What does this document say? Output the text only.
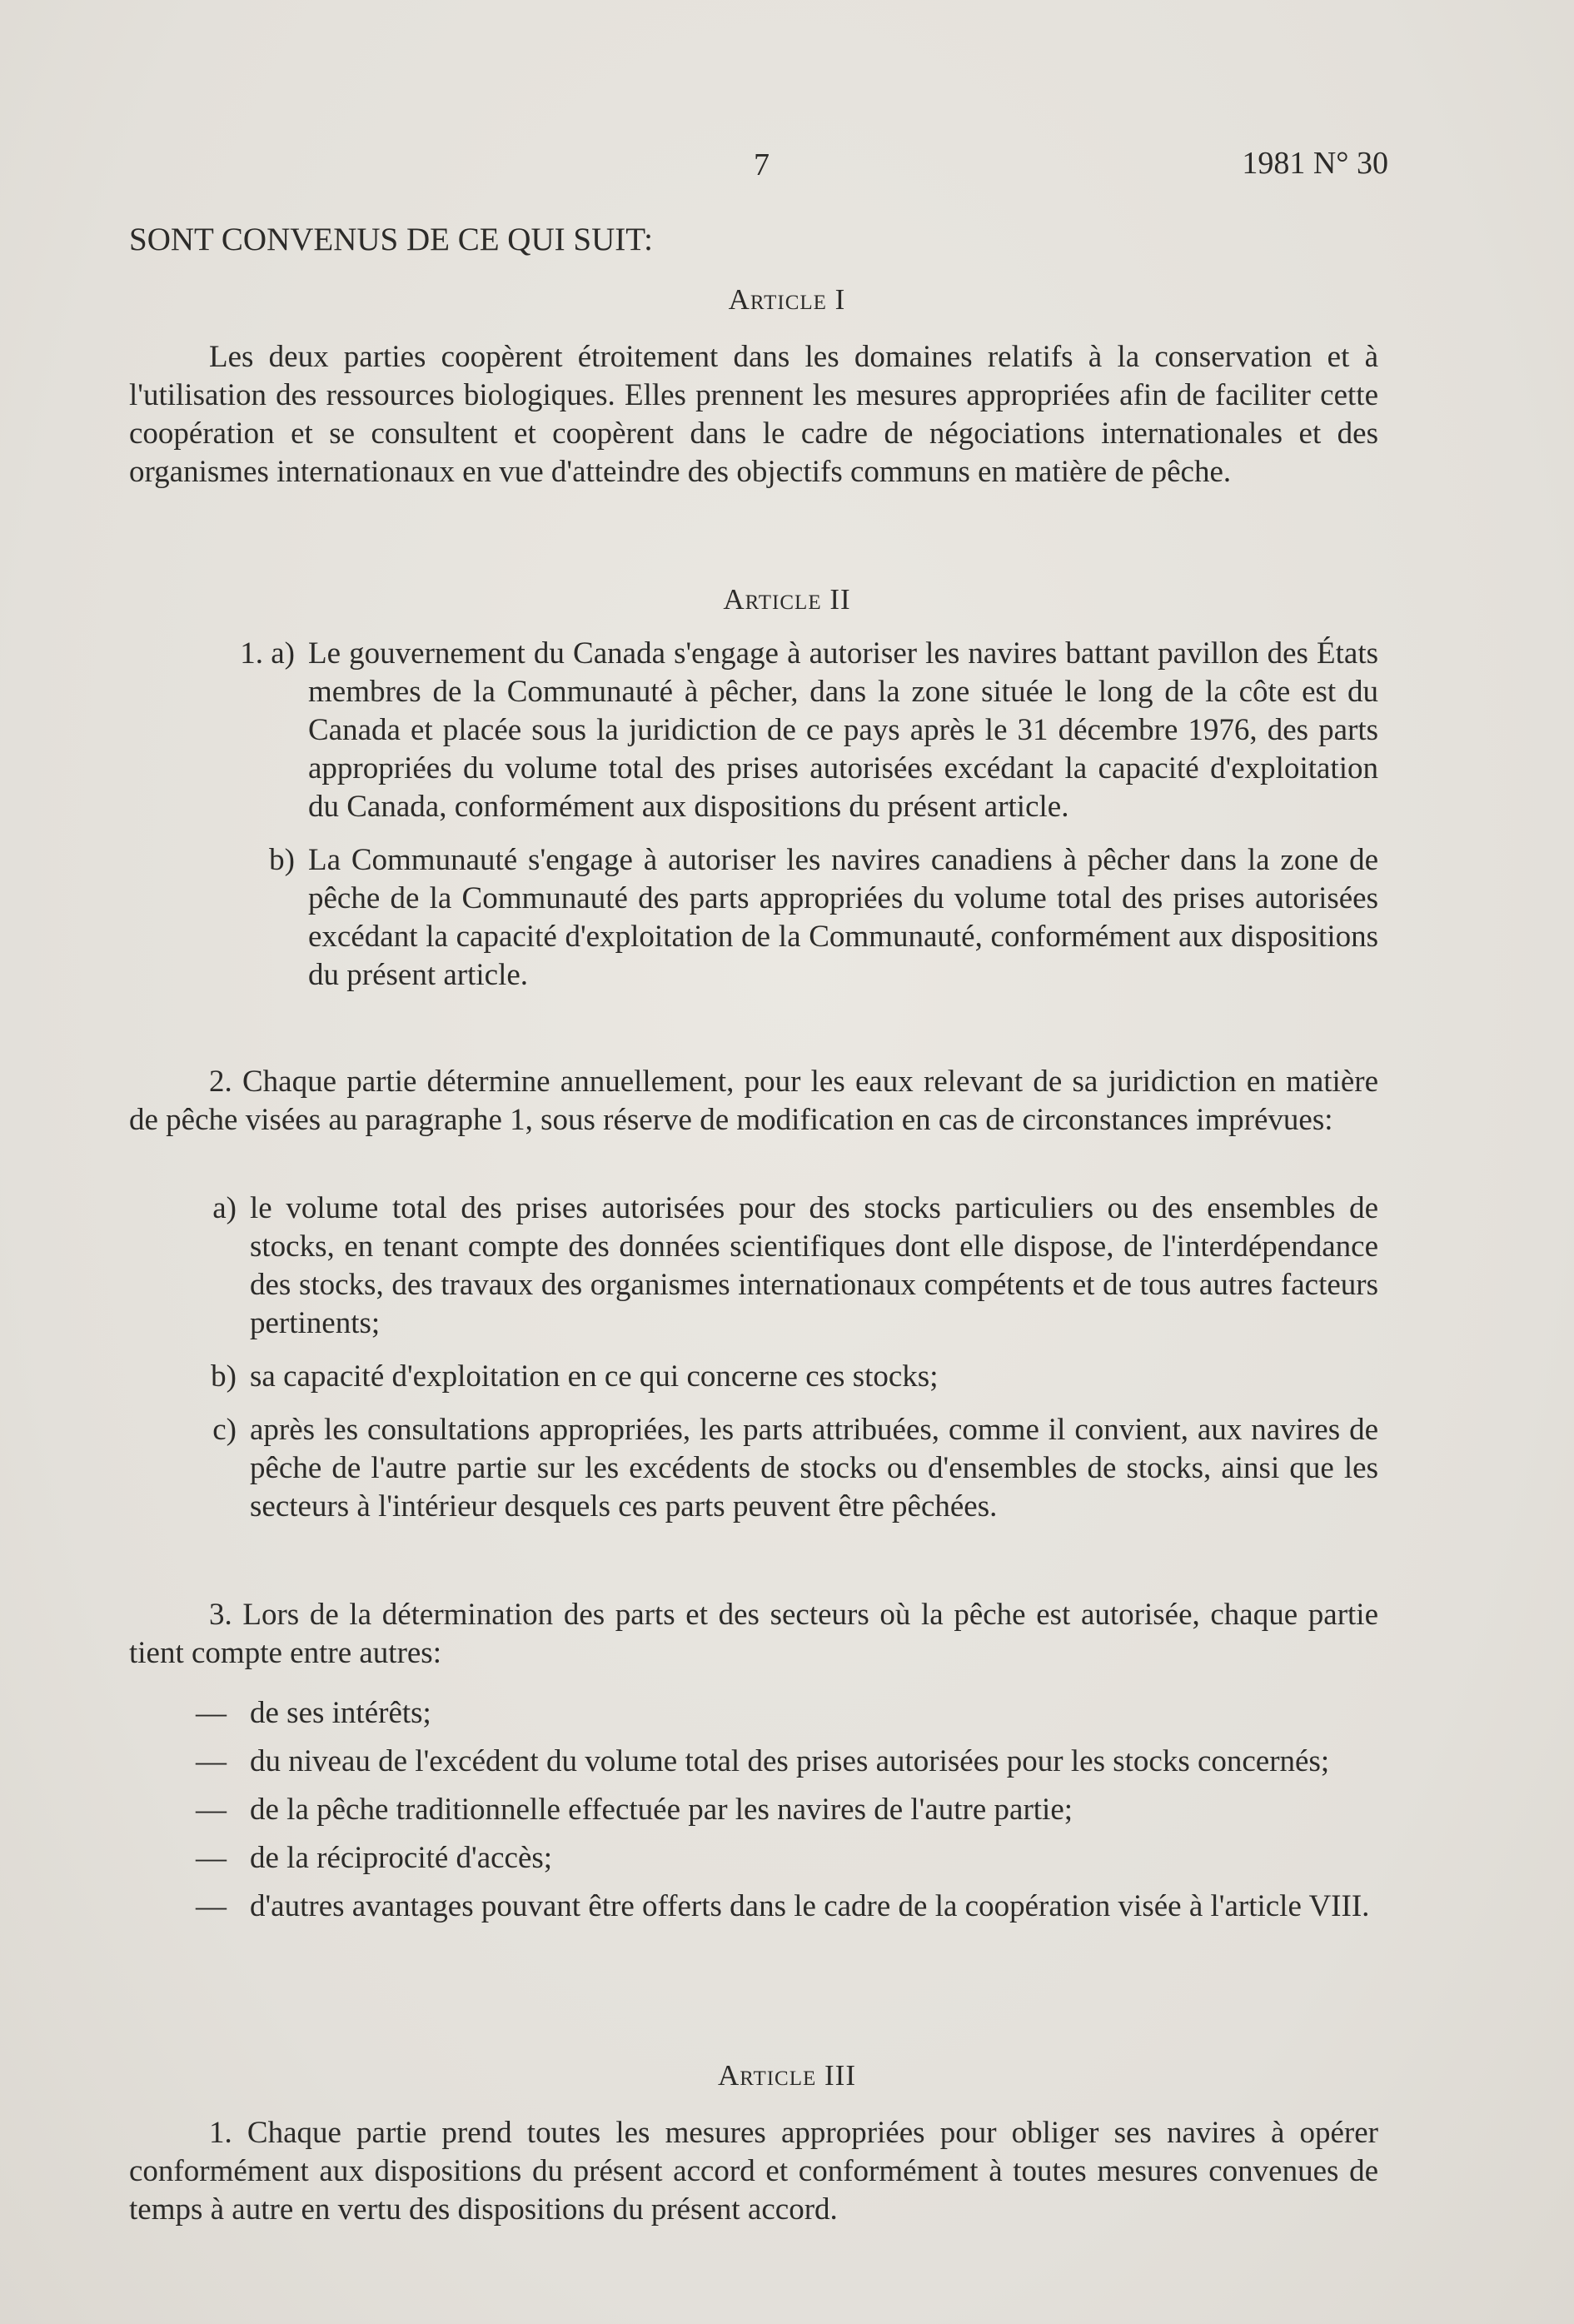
7	1981 N° 30
SONT CONVENUS DE CE QUI SUIT:
Article I
Les deux parties coopèrent étroitement dans les domaines relatifs à la conservation et à l'utilisation des ressources biologiques. Elles prennent les mesures appropriées afin de faciliter cette coopération et se consultent et coopèrent dans le cadre de négociations internationales et des organismes internationaux en vue d'atteindre des objectifs communs en matière de pêche.
Article II
1. a) Le gouvernement du Canada s'engage à autoriser les navires battant pavillon des États membres de la Communauté à pêcher, dans la zone située le long de la côte est du Canada et placée sous la juridiction de ce pays après le 31 décembre 1976, des parts appropriées du volume total des prises autorisées excédant la capacité d'exploitation du Canada, conformément aux dispositions du présent article.
b) La Communauté s'engage à autoriser les navires canadiens à pêcher dans la zone de pêche de la Communauté des parts appropriées du volume total des prises autorisées excédant la capacité d'exploitation de la Communauté, conformément aux dispositions du présent article.
2. Chaque partie détermine annuellement, pour les eaux relevant de sa juridiction en matière de pêche visées au paragraphe 1, sous réserve de modification en cas de circonstances imprévues:
a) le volume total des prises autorisées pour des stocks particuliers ou des ensembles de stocks, en tenant compte des données scientifiques dont elle dispose, de l'interdépendance des stocks, des travaux des organismes internationaux compétents et de tous autres facteurs pertinents;
b) sa capacité d'exploitation en ce qui concerne ces stocks;
c) après les consultations appropriées, les parts attribuées, comme il convient, aux navires de pêche de l'autre partie sur les excédents de stocks ou d'ensembles de stocks, ainsi que les secteurs à l'intérieur desquels ces parts peuvent être pêchées.
3. Lors de la détermination des parts et des secteurs où la pêche est autorisée, chaque partie tient compte entre autres:
— de ses intérêts;
— du niveau de l'excédent du volume total des prises autorisées pour les stocks concernés;
— de la pêche traditionnelle effectuée par les navires de l'autre partie;
— de la réciprocité d'accès;
— d'autres avantages pouvant être offerts dans le cadre de la coopération visée à l'article VIII.
Article III
1. Chaque partie prend toutes les mesures appropriées pour obliger ses navires à opérer conformément aux dispositions du présent accord et conformément à toutes mesures convenues de temps à autre en vertu des dispositions du présent accord.
